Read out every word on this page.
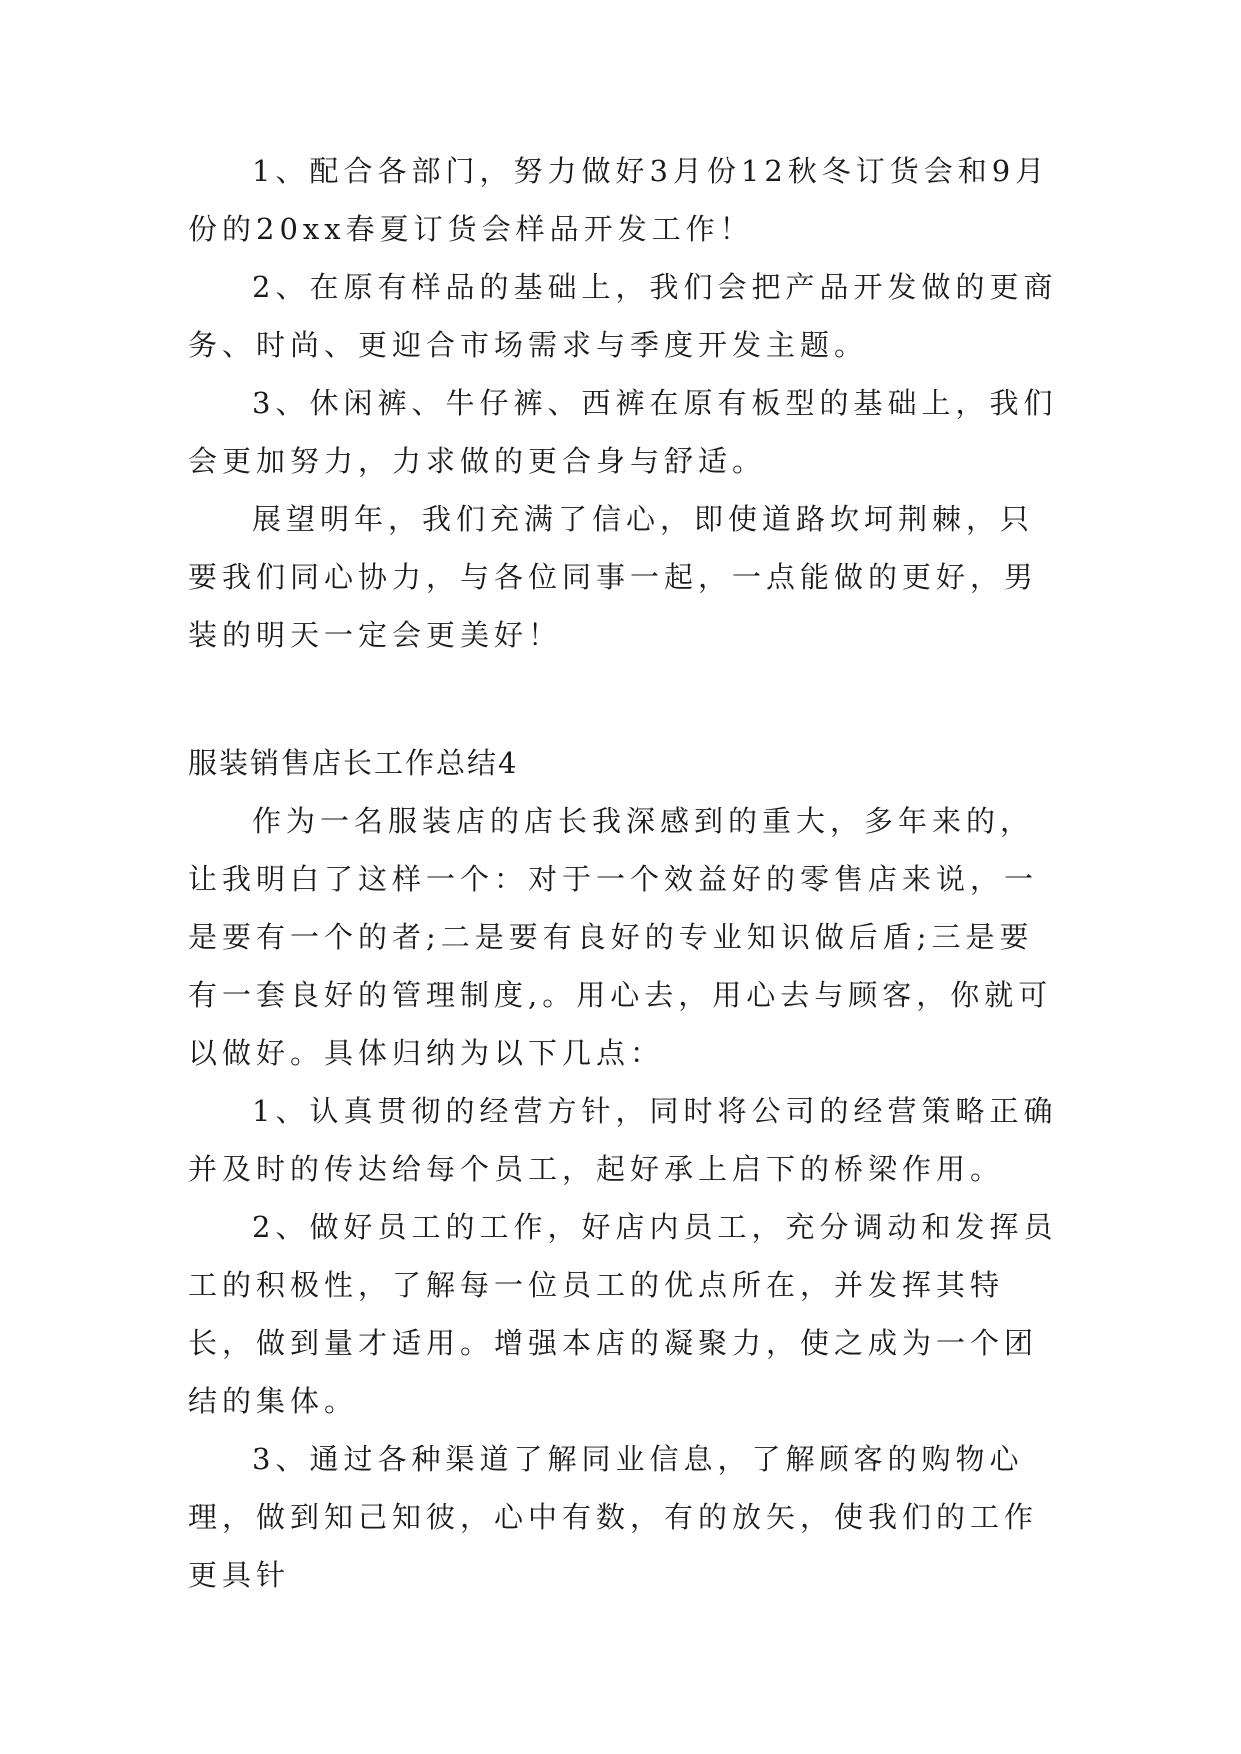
1、配合各部门，努力做好3月份12秋冬订货会和9月份的20xx春夏订货会样品开发工作！

2、在原有样品的基础上，我们会把产品开发做的更商务、时尚、更迎合市场需求与季度开发主题。

3、休闲裤、牛仔裤、西裤在原有板型的基础上，我们会更加努力，力求做的更合身与舒适。

展望明年，我们充满了信心，即使道路坎坷荆棘，只要我们同心协力，与各位同事一起，一点能做的更好，男装的明天一定会更美好！

服装销售店长工作总结4

作为一名服装店的店长我深感到的重大，多年来的，让我明白了这样一个：对于一个效益好的零售店来说，一是要有一个的者;二是要有良好的专业知识做后盾;三是要有一套良好的管理制度,。用心去，用心去与顾客，你就可以做好。具体归纳为以下几点：

1、认真贯彻的经营方针，同时将公司的经营策略正确并及时的传达给每个员工，起好承上启下的桥梁作用。

2、做好员工的工作，好店内员工，充分调动和发挥员工的积极性，了解每一位员工的优点所在，并发挥其特长，做到量才适用。增强本店的凝聚力，使之成为一个团结的集体。

3、通过各种渠道了解同业信息，了解顾客的购物心理，做到知己知彼，心中有数，有的放矢，使我们的工作更具针
